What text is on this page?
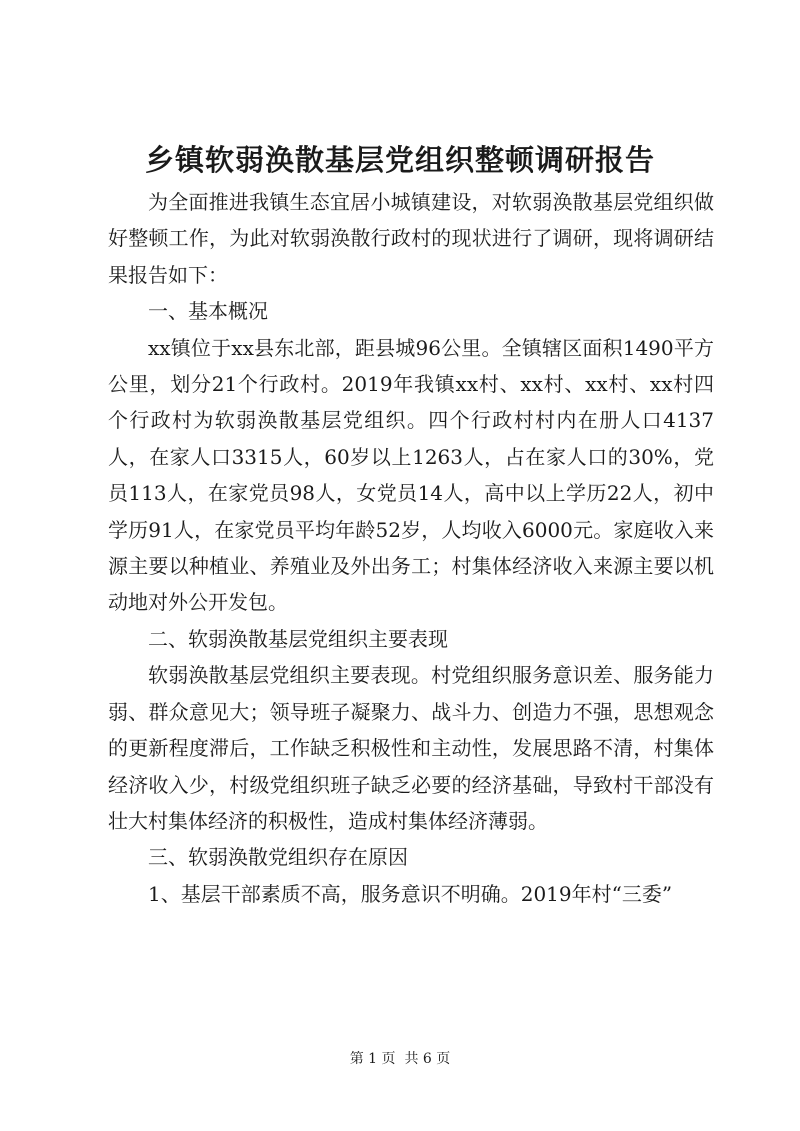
乡镇软弱涣散基层党组织整顿调研报告

为全面推进我镇生态宜居小城镇建设，对软弱涣散基层党组织做好整顿工作，为此对软弱涣散行政村的现状进行了调研，现将调研结果报告如下：

一、基本概况

xx镇位于xx县东北部，距县城96公里。全镇辖区面积1490平方公里，划分21个行政村。2019年我镇xx村、xx村、xx村、xx村四个行政村为软弱涣散基层党组织。四个行政村村内在册人口4137人，在家人口3315人，60岁以上1263人，占在家人口的30%，党员113人，在家党员98人，女党员14人，高中以上学历22人，初中学历91人，在家党员平均年龄52岁，人均收入6000元。家庭收入来源主要以种植业、养殖业及外出务工；村集体经济收入来源主要以机动地对外公开发包。

二、软弱涣散基层党组织主要表现

软弱涣散基层党组织主要表现。村党组织服务意识差、服务能力弱、群众意见大；领导班子凝聚力、战斗力、创造力不强，思想观念的更新程度滞后，工作缺乏积极性和主动性，发展思路不清，村集体经济收入少，村级党组织班子缺乏必要的经济基础，导致村干部没有壮大村集体经济的积极性，造成村集体经济薄弱。

三、软弱涣散党组织存在原因

1、基层干部素质不高，服务意识不明确。2019年村“三委”

第 1 页  共 6 页
